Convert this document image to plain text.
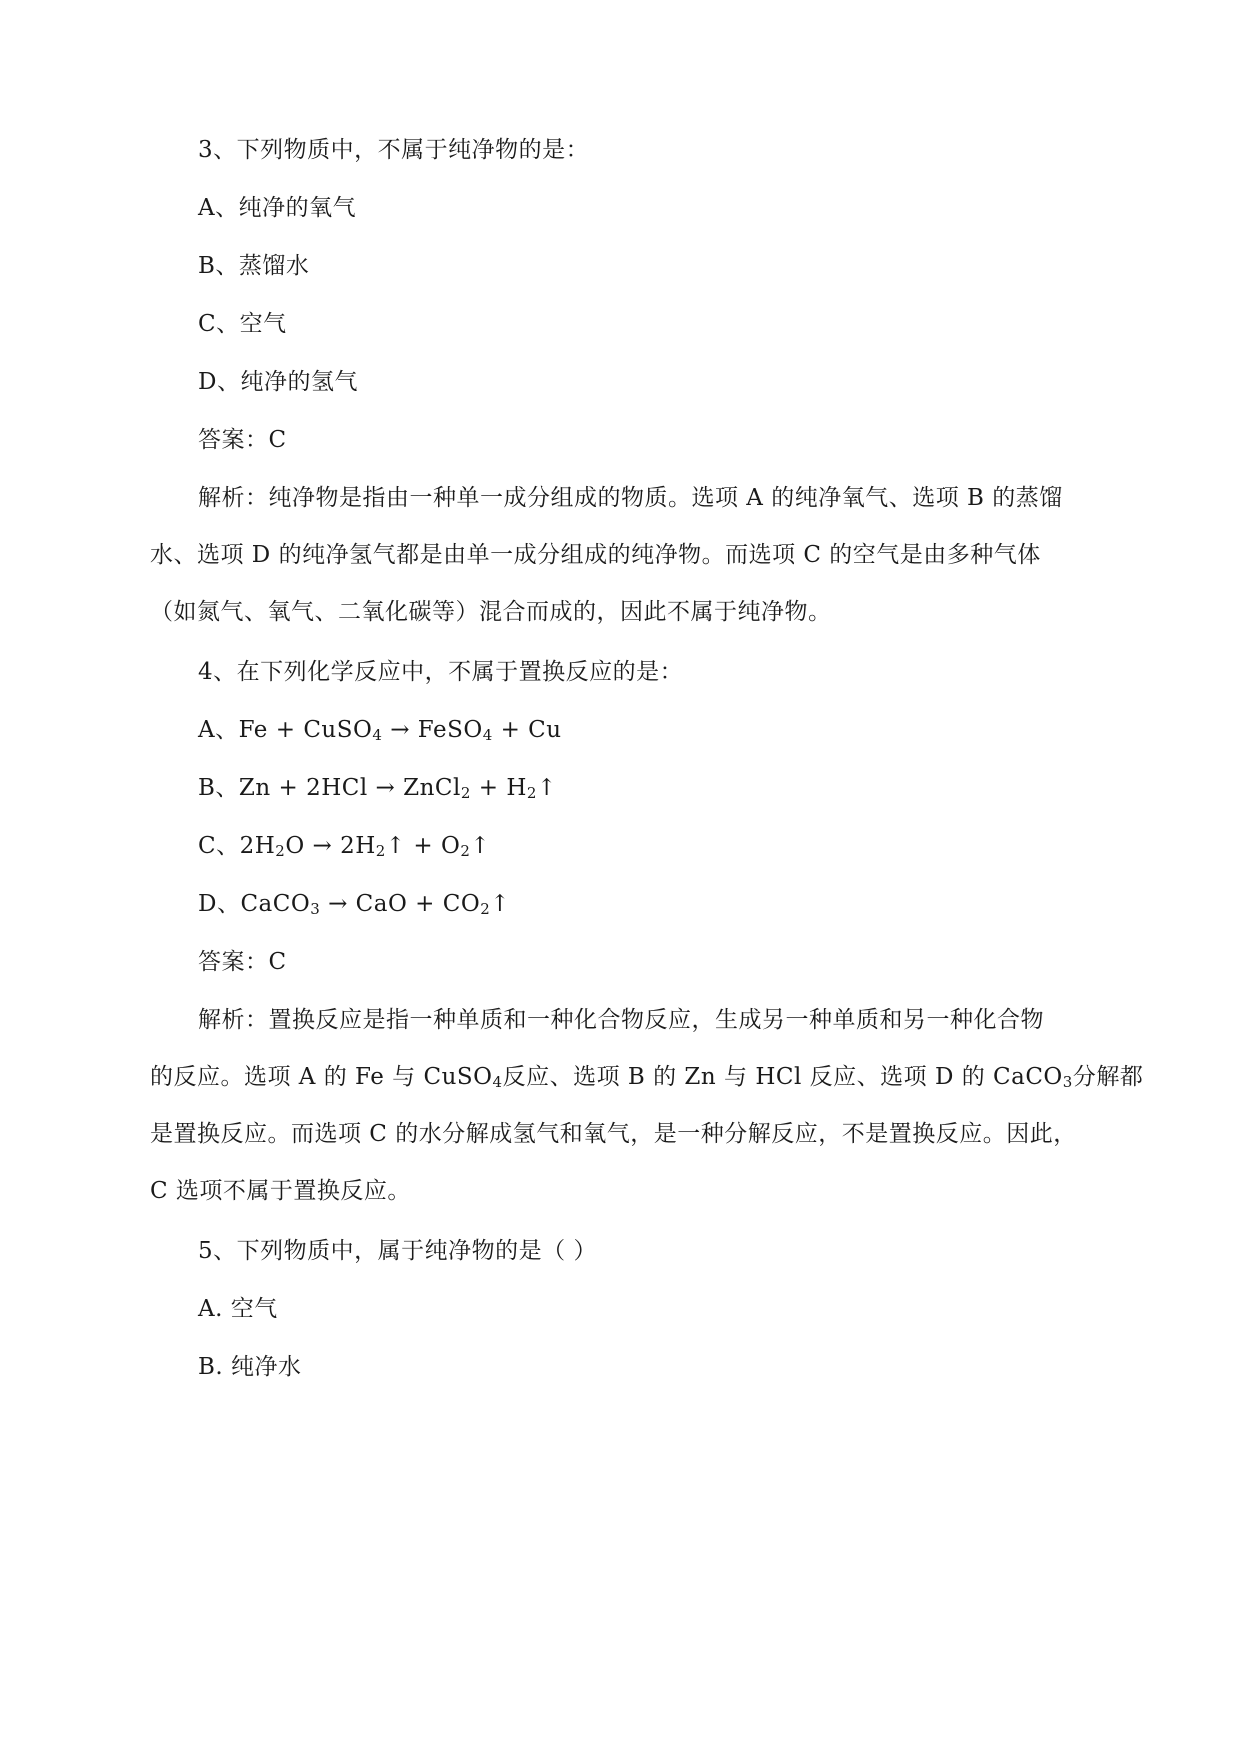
3、下列物质中，不属于纯净物的是：
A、纯净的氧气
B、蒸馏水
C、空气
D、纯净的氢气
答案：C
解析：纯净物是指由一种单一成分组成的物质。选项 A 的纯净氧气、选项 B 的蒸馏
水、选项 D 的纯净氢气都是由单一成分组成的纯净物。而选项 C 的空气是由多种气体
（如氮气、氧气、二氧化碳等）混合而成的，因此不属于纯净物。
4、在下列化学反应中，不属于置换反应的是：
A、Fe + CuSO$_4$ → FeSO$_4$ + Cu
B、Zn + 2HCl → ZnCl$_2$ + $H_2↑$
C、$2H_2O$ → $2H_2↑$ + $O_2↑$
D、CaCO$_3$ → CaO + $CO_2↑$
答案：C
解析：置换反应是指一种单质和一种化合物反应，生成另一种单质和另一种化合物
的反应。选项 A 的 Fe 与 CuSO$_4$反应、选项 B 的 Zn 与 HCl 反应、选项 D 的 CaCO$_3$分解都
是置换反应。而选项 C 的水分解成氢气和氧气，是一种分解反应，不是置换反应。因此，
C 选项不属于置换反应。
5、下列物质中，属于纯净物的是（ ）
A. 空气
B. 纯净水
